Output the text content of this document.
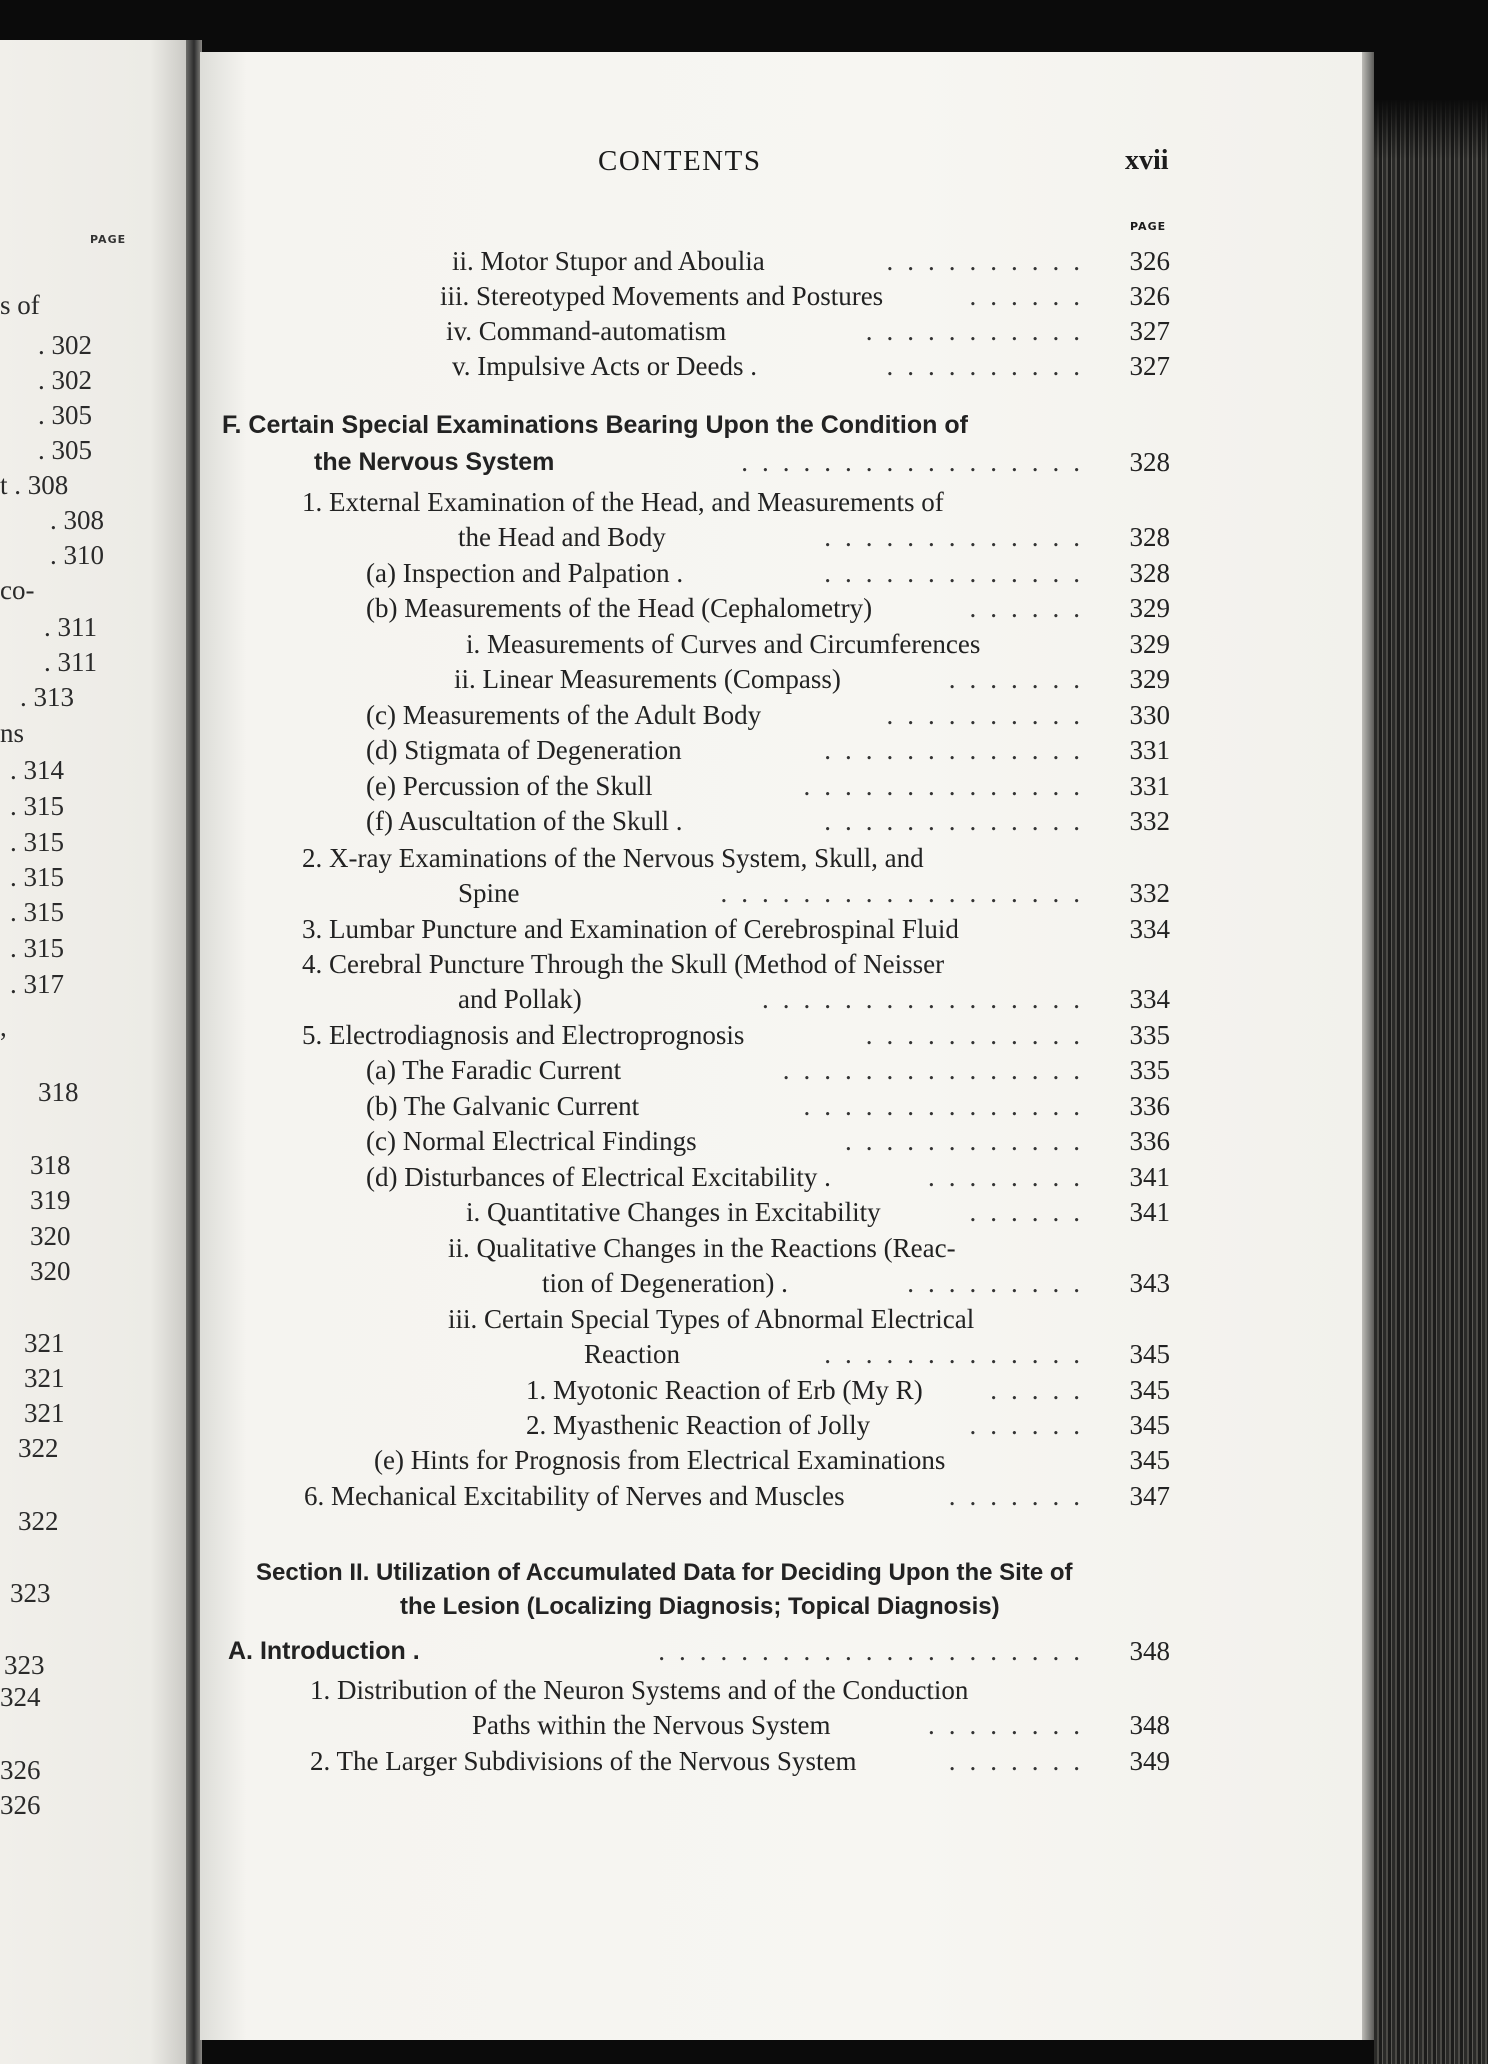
PAGE
s of
. 302
. 302
. 305
. 305
t . 308
. 308
. 310
co-
. 311
. 311
. 313
ns
. 314
. 315
. 315
. 315
. 315
. 315
. 317
,
318
318
319
320
320
321
321
321
322
322
323
323
324
326
326
CONTENTS	xvii
PAGE
ii. Motor Stupor and Aboulia	..........	326
iii. Stereotyped Movements and Postures	......	326
iv. Command-automatism	...........	327
v. Impulsive Acts or Deeds .	..........	327
F. Certain Special Examinations Bearing Upon the Condition of
the Nervous System	.................	328
1. External Examination of the Head, and Measurements of
the Head and Body	.............	328
(a) Inspection and Palpation .	.............	328
(b) Measurements of the Head (Cephalometry)	......	329
i. Measurements of Curves and Circumferences	329
ii. Linear Measurements (Compass)	.......	329
(c) Measurements of the Adult Body	..........	330
(d) Stigmata of Degeneration	.............	331
(e) Percussion of the Skull	..............	331
(f) Auscultation of the Skull .	.............	332
2. X-ray Examinations of the Nervous System, Skull, and
Spine	..................	332
3. Lumbar Puncture and Examination of Cerebrospinal Fluid	334
4. Cerebral Puncture Through the Skull (Method of Neisser
and Pollak)	................	334
5. Electrodiagnosis and Electroprognosis	...........	335
(a) The Faradic Current	...............	335
(b) The Galvanic Current	..............	336
(c) Normal Electrical Findings	............	336
(d) Disturbances of Electrical Excitability .	........	341
i. Quantitative Changes in Excitability	......	341
ii. Qualitative Changes in the Reactions (Reac-
tion of Degeneration) .	.........	343
iii. Certain Special Types of Abnormal Electrical
Reaction	.............	345
1. Myotonic Reaction of Erb (My R)	.....	345
2. Myasthenic Reaction of Jolly	......	345
(e) Hints for Prognosis from Electrical Examinations	345
6. Mechanical Excitability of Nerves and Muscles	.......	347
Section II. Utilization of Accumulated Data for Deciding Upon the Site of
the Lesion (Localizing Diagnosis; Topical Diagnosis)
A. Introduction .	.....................	348
1. Distribution of the Neuron Systems and of the Conduction
Paths within the Nervous System	........	348
2. The Larger Subdivisions of the Nervous System	.......	349
